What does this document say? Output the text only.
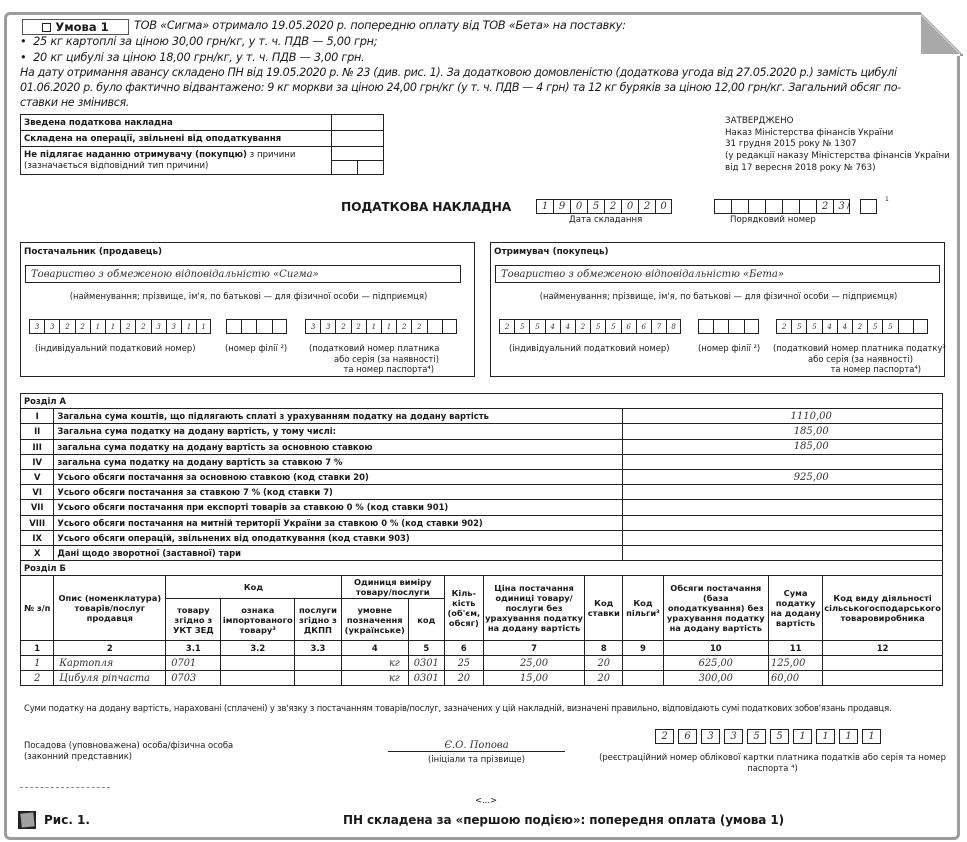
Умова 1 ТОВ «Сигма» отримало 19.05.2020 р. попередню оплату від ТОВ «Бета» на поставку:
•  25 кг картоплі за ціною 30,00 грн/кг, у т. ч. ПДВ — 5,00 грн;
•  20 кг цибулі за ціною 18,00 грн/кг, у т. ч. ПДВ — 3,00 грн.
На дату отримання авансу складено ПН від 19.05.2020 р. № 23 (див. рис. 1). За додатковою домовленістю (додаткова угода від 27.05.2020 р.) замість цибулі
01.06.2020 р. було фактично відвантажено: 9 кг моркви за ціною 24,00 грн/кг (у т. ч. ПДВ — 4 грн) та 12 кг буряків за ціною 12,00 грн/кг. Загальний обсяг по-
ставки не змінився.
Зведена податкова накладна		
Складена на операції, звільнені від оподаткування		
Не підлягає наданню отримувачу (покупцю) з причини
(зазначається відповідний тип причини)		

ЗАТВЕРДЖЕНО
Наказ Міністерства фінансів України
31 грудня 2015 року № 1307
(у редакції наказу Міністерства фінансів України
від 17 вересня 2018 року № 763)
ПОДАТКОВА НАКЛАДНА	1	9	0	5	2	0	2	0
Дата складання
2	3
Порядковий номер
/
1
Постачальник (продавець)
Товариство з обмеженою відповідальністю «Сигма»
(найменування; прізвище, ім'я, по батькові — для фізичної особи — підприємця)
3	3	2	2	1	1	2	2	3	3	1	1	3	3	2	2	1	1	2	2
(індивідуальний податковий номер)	(номер філії ²)	(податковий номер платника
або серія (за наявності)
та номер паспорта⁴)
Отримувач (покупець)
Товариство з обмеженою відповідальністю «Бета»
(найменування; прізвище, ім'я, по батькові — для фізичної особи — підприємця)
2	5	5	4	4	2	5	5	6	6	7	8	2	5	5	4	4	2	5	5
(індивідуальний податковий номер)	(номер філії ²) (податковий номер платника податку³
або серія (за наявності)
та номер паспорта⁴)
Розділ А													
I	Загальна сума коштів, що підлягають сплаті з урахуванням податку на додану вартість									1110,00			
II	Загальна сума податку на додану вартість, у тому числі:									185,00			
III	загальна сума податку на додану вартість за основною ставкою									185,00			
IV	загальна сума податку на додану вартість за ставкою 7 %												
V	Усього обсяги постачання за основною ставкою (код ставки 20)									925,00			
VI	Усього обсяги постачання за ставкою 7 % (код ставки 7)												
VII	Усього обсяги постачання при експорті товарів за ставкою 0 % (код ставки 901)												
VIII	Усього обсяги постачання на митній території України за ставкою 0 % (код ставки 902)												
IX	Усього обсяги операцій, звільнених від оподаткування (код ставки 903)												
X	Дані щодо зворотної (заставної) тари												
Розділ Б													
№ з/п	Опис (номенклатура) товарів/послуг продавця	Код			Одиниця виміру товару/послуги		Кіль-кість (об'єм, обсяг)	Ціна постачання одиниці товару/ послуги без урахування податку на додану вартість	Код ставки	Код пільги³	Обсяги постачання (база оподаткування) без урахування податку на додану вартість	Сума податку на додану вартість	Код виду діяльності сільськогосподарського товаровиробника
		товару згідно з УКТ ЗЕД	ознака імпортованого товару³	послуги згідно з ДКПП	умовне позначення (українське)	код							
1	2	3.1	3.2	3.3	4	5	6	7	8	9	10	11	12
1	Картопля	0701			кг	0301	25	25,00	20		625,00	125,00	
2	Цибуля ріпчаста	0703			кг	0301	20	15,00	20		300,00	60,00	
Суми податку на додану вартість, нараховані (сплачені) у зв'язку з постачанням товарів/послуг, зазначених у цій накладній, визначені правильно, відповідають сумі податкових зобов'язань продавця.
Посадова (уповноважена) особа/фізична особа
(законний представник)
Є.О. Попова
(ініціали та прізвище)
2	6	3	3	5	5	1	1	1	1
(реєстраційний номер облікової картки платника податків або серія та номер паспорта ⁴)
<...>
Рис. 1.	ПН складена за «першою подією»: попередня оплата (умова 1)
